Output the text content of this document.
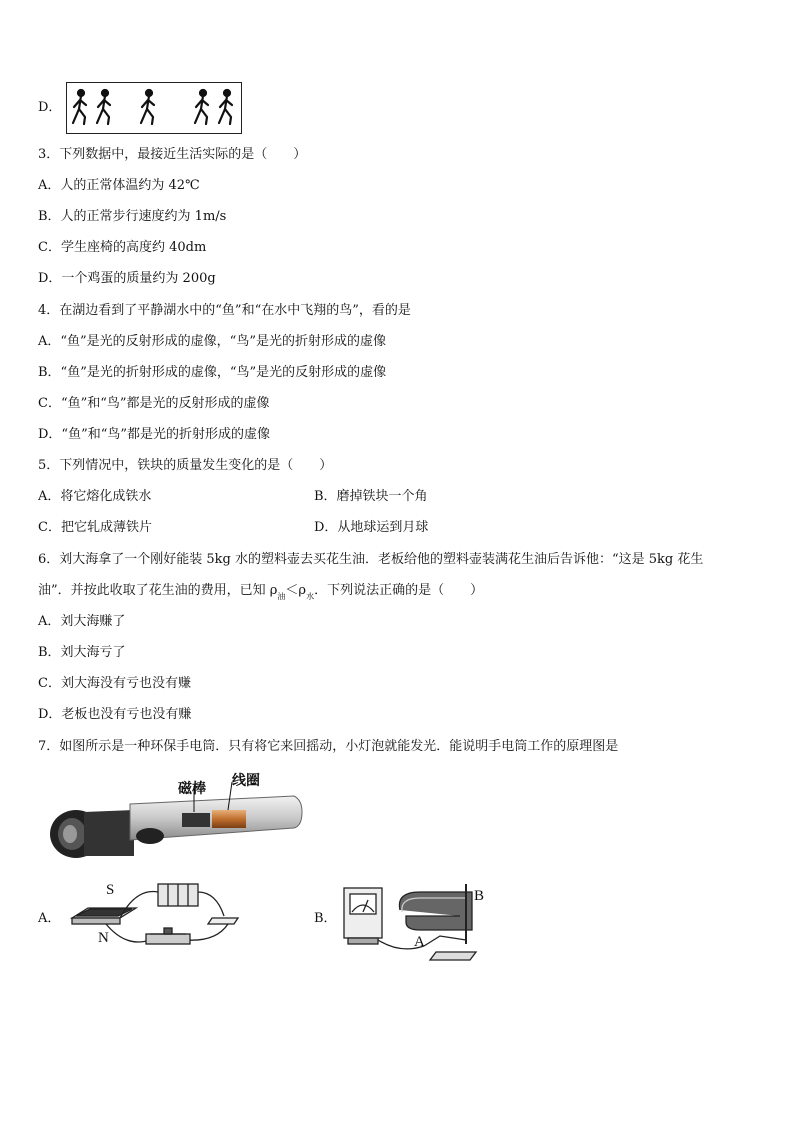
D．
3．下列数据中，最接近生活实际的是（　　）
A．人的正常体温约为 42℃
B．人的正常步行速度约为 1m/s
C．学生座椅的高度约 40dm
D．一个鸡蛋的质量约为 200g
4．在湖边看到了平静湖水中的“鱼”和“在水中飞翔的鸟”，看的是
A．“鱼”是光的反射形成的虚像，“鸟”是光的折射形成的虚像
B．“鱼”是光的折射形成的虚像，“鸟”是光的反射形成的虚像
C．“鱼”和“鸟”都是光的反射形成的虚像
D．“鱼”和“鸟”都是光的折射形成的虚像
5．下列情况中，铁块的质量发生变化的是（　　）
A．将它熔化成铁水	B．磨掉铁块一个角
C．把它轧成薄铁片	D．从地球运到月球
6．刘大海拿了一个刚好能装 5kg 水的塑料壶去买花生油．老板给他的塑料壶装满花生油后告诉他：“这是 5kg 花生
油”．并按此收取了花生油的费用，已知 $\rho_油<\rho_水$．下列说法正确的是（　　）
A．刘大海赚了
B．刘大海亏了
C．刘大海没有亏也没有赚
D．老板也没有亏也没有赚
7．如图所示是一种环保手电筒．只有将它来回摇动，小灯泡就能发光．能说明手电筒工作的原理图是
磁棒 线圈
A．
S
N
B．
B
A
